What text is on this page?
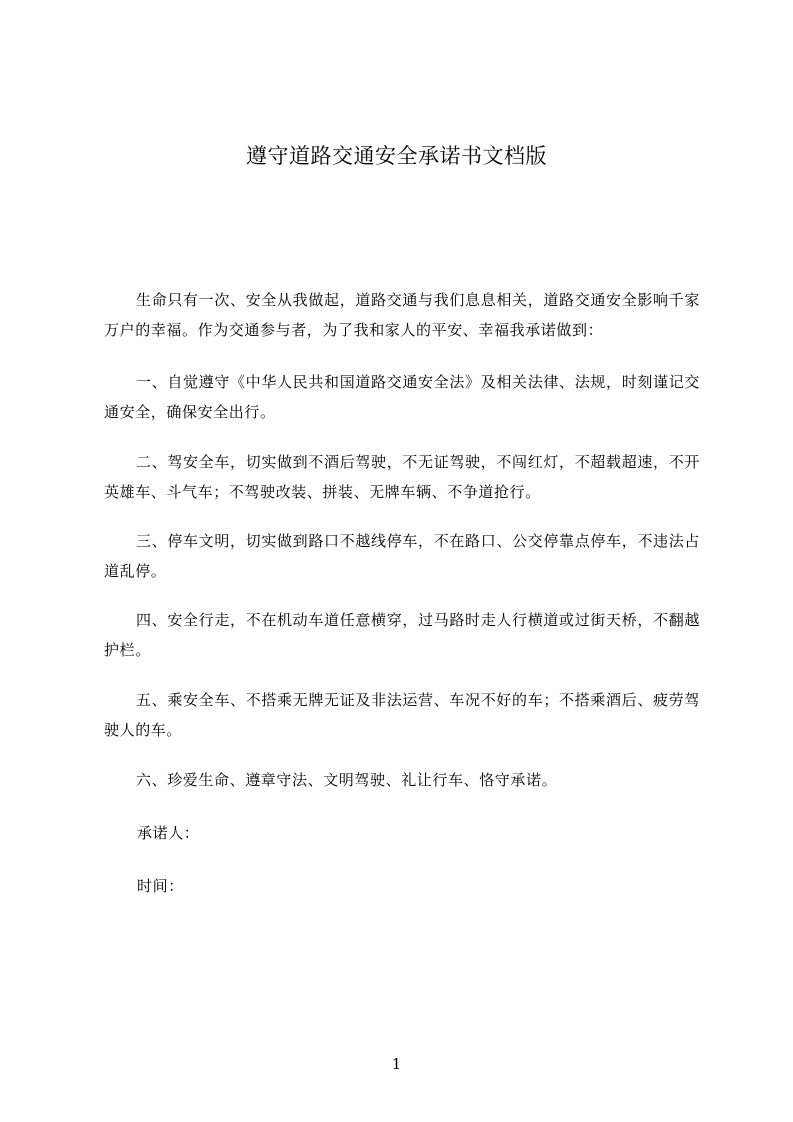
遵守道路交通安全承诺书文档版

生命只有一次、安全从我做起，道路交通与我们息息相关，道路交通安全影响千家万户的幸福。作为交通参与者，为了我和家人的平安、幸福我承诺做到：

一、自觉遵守《中华人民共和国道路交通安全法》及相关法律、法规，时刻谨记交通安全，确保安全出行。

二、驾安全车，切实做到不酒后驾驶，不无证驾驶，不闯红灯，不超载超速，不开英雄车、斗气车；不驾驶改装、拼装、无牌车辆、不争道抢行。

三、停车文明，切实做到路口不越线停车，不在路口、公交停靠点停车，不违法占道乱停。

四、安全行走，不在机动车道任意横穿，过马路时走人行横道或过街天桥，不翻越护栏。

五、乘安全车、不搭乘无牌无证及非法运营、车况不好的车；不搭乘酒后、疲劳驾驶人的车。

六、珍爱生命、遵章守法、文明驾驶、礼让行车、恪守承诺。

承诺人：

时间：

1
